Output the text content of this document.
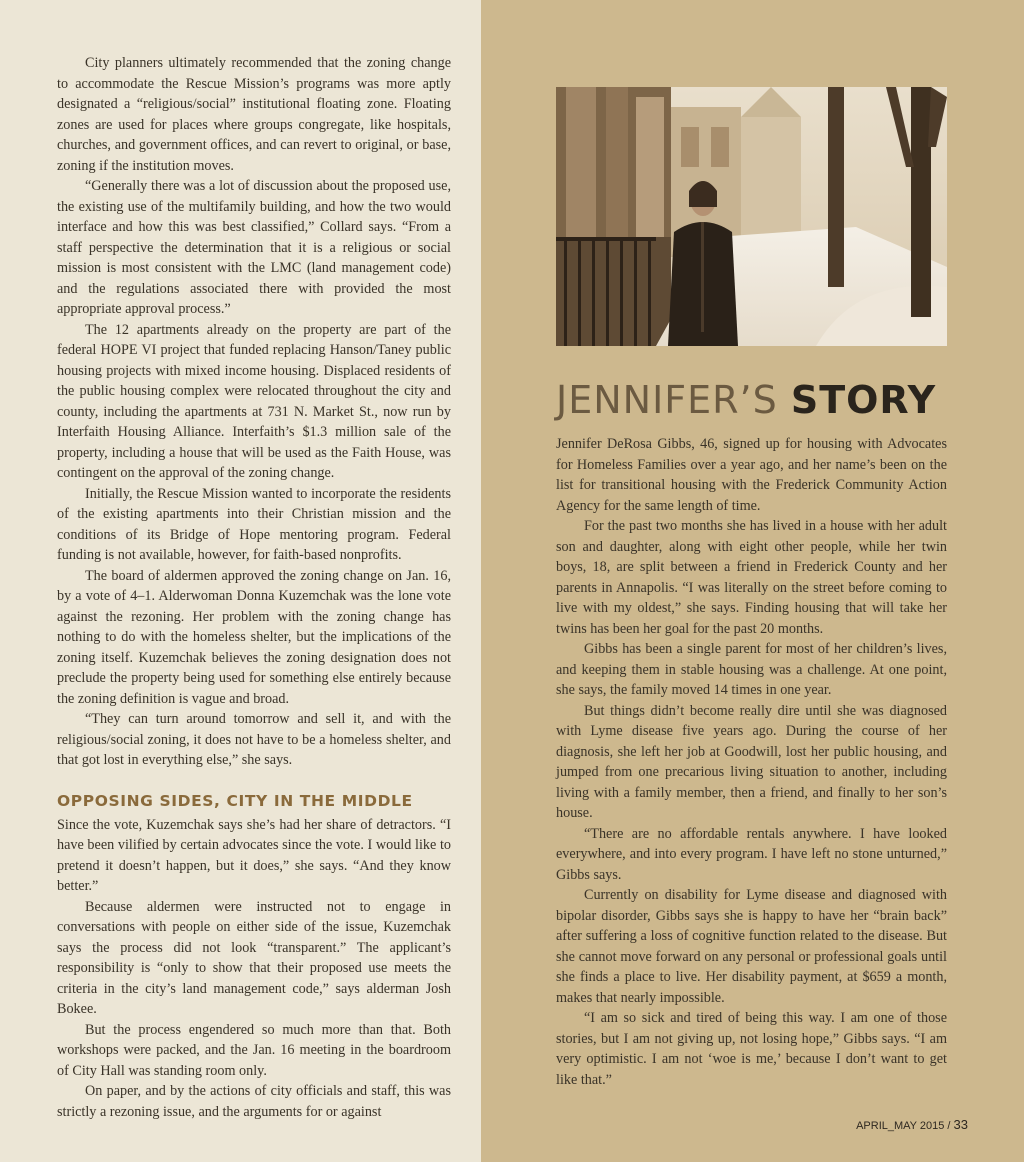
City planners ultimately recommended that the zoning change to accommodate the Rescue Mission’s programs was more aptly designated a “religious/social” institutional floating zone. Floating zones are used for places where groups congregate, like hospitals, churches, and government offices, and can revert to original, or base, zoning if the institution moves.

“Generally there was a lot of discussion about the proposed use, the existing use of the multifamily building, and how the two would interface and how this was best classified,” Collard says. “From a staff perspective the determination that it is a religious or social mission is most consistent with the LMC (land management code) and the regulations associated there with provided the most appropriate approval process.”

The 12 apartments already on the property are part of the federal HOPE VI project that funded replacing Hanson/Taney public housing projects with mixed income housing. Displaced residents of the public housing complex were relocated throughout the city and county, including the apartments at 731 N. Market St., now run by Interfaith Housing Alliance. Interfaith’s $1.3 million sale of the property, including a house that will be used as the Faith House, was contingent on the approval of the zoning change.

Initially, the Rescue Mission wanted to incorporate the residents of the existing apartments into their Christian mission and the conditions of its Bridge of Hope mentoring program. Federal funding is not available, however, for faith-based nonprofits.

The board of aldermen approved the zoning change on Jan. 16, by a vote of 4–1. Alderwoman Donna Kuzemchak was the lone vote against the rezoning. Her problem with the zoning change has nothing to do with the homeless shelter, but the implications of the zoning itself. Kuzemchak believes the zoning designation does not preclude the property being used for something else entirely because the zoning definition is vague and broad.

“They can turn around tomorrow and sell it, and with the religious/social zoning, it does not have to be a homeless shelter, and that got lost in everything else,” she says.

OPPOSING SIDES, CITY IN THE MIDDLE

Since the vote, Kuzemchak says she’s had her share of detractors. “I have been vilified by certain advocates since the vote. I would like to pretend it doesn’t happen, but it does,” she says. “And they know better.”

Because aldermen were instructed not to engage in conversations with people on either side of the issue, Kuzemchak says the process did not look “transparent.” The applicant’s responsibility is “only to show that their proposed use meets the criteria in the city’s land management code,” says alderman Josh Bokee.

But the process engendered so much more than that. Both workshops were packed, and the Jan. 16 meeting in the boardroom of City Hall was standing room only.

On paper, and by the actions of city officials and staff, this was strictly a rezoning issue, and the arguments for or against

JENNIFER’S STORY

Jennifer DeRosa Gibbs, 46, signed up for housing with Advocates for Homeless Families over a year ago, and her name’s been on the list for transitional housing with the Frederick Community Action Agency for the same length of time.

For the past two months she has lived in a house with her adult son and daughter, along with eight other people, while her twin boys, 18, are split between a friend in Frederick County and her parents in Annapolis. “I was literally on the street before coming to live with my oldest,” she says. Finding housing that will take her twins has been her goal for the past 20 months.

Gibbs has been a single parent for most of her children’s lives, and keeping them in stable housing was a challenge. At one point, she says, the family moved 14 times in one year.

But things didn’t become really dire until she was diagnosed with Lyme disease five years ago. During the course of her diagnosis, she left her job at Goodwill, lost her public housing, and jumped from one precarious living situation to another, including living with a family member, then a friend, and finally to her son’s house.

“There are no affordable rentals anywhere. I have looked everywhere, and into every program. I have left no stone unturned,” Gibbs says.

Currently on disability for Lyme disease and diagnosed with bipolar disorder, Gibbs says she is happy to have her “brain back” after suffering a loss of cognitive function related to the disease. But she cannot move forward on any personal or professional goals until she finds a place to live. Her disability payment, at $659 a month, makes that nearly impossible.

“I am so sick and tired of being this way. I am one of those stories, but I am not giving up, not losing hope,” Gibbs says. “I am very optimistic. I am not ‘woe is me,’ because I don’t want to get like that.”

APRIL_MAY 2015 / 33
